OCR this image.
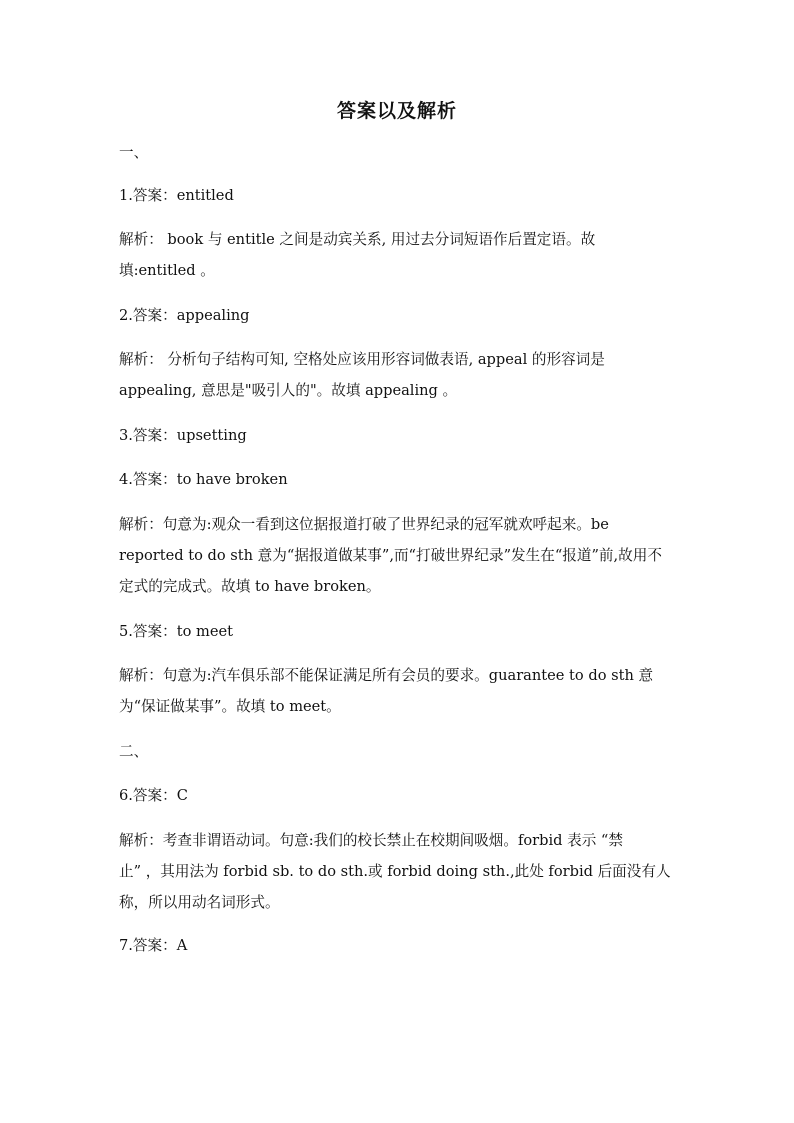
答案以及解析
一、
1.答案：entitled
解析： book 与 entitle 之间是动宾关系, 用过去分词短语作后置定语。故
填:entitled 。
2.答案：appealing
解析： 分析句子结构可知, 空格处应该用形容词做表语, appeal 的形容词是
appealing, 意思是"吸引人的"。故填 appealing 。
3.答案：upsetting
4.答案：to have broken
解析：句意为:观众一看到这位据报道打破了世界纪录的冠军就欢呼起来。be
reported to do sth 意为“据报道做某事”,而“打破世界纪录”发生在“报道”前,故用不
定式的完成式。故填 to have broken。
5.答案：to meet
解析：句意为:汽车俱乐部不能保证满足所有会员的要求。guarantee to do sth 意
为“保证做某事”。故填 to meet。
二、
6.答案：C
解析：考查非谓语动词。句意:我们的校长禁止在校期间吸烟。forbid 表示 “禁
止” ，其用法为 forbid sb. to do sth.或 forbid doing sth.,此处 forbid 后面没有人
称，所以用动名词形式。
7.答案：A
